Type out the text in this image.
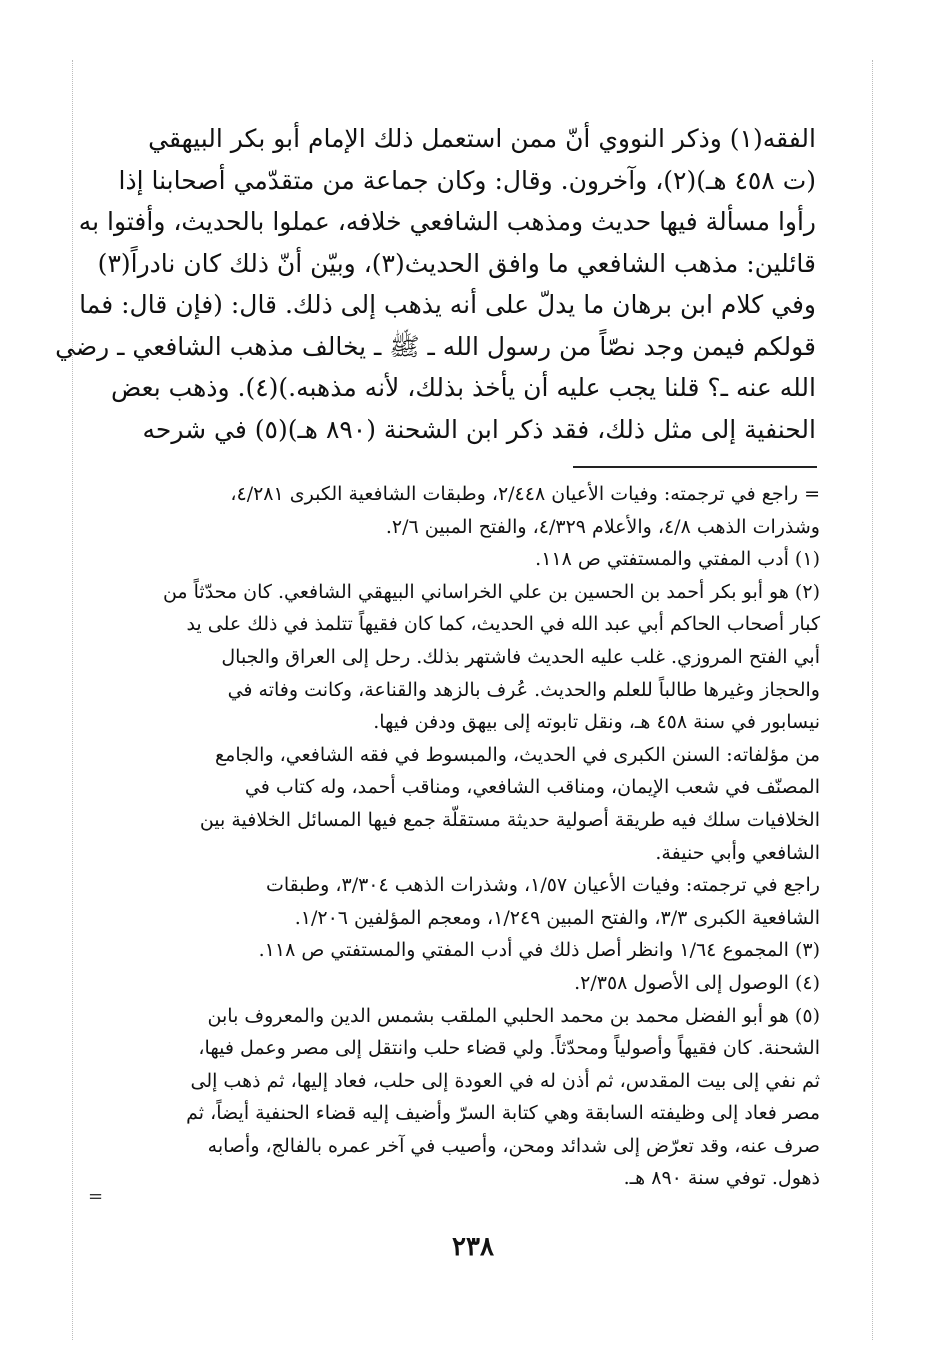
الفقه(١) وذكر النووي أنّ ممن استعمل ذلك الإمام أبو بكر البيهقي
(ت ٤٥٨ هـ)(٢)، وآخرون. وقال: وكان جماعة من متقدّمي أصحابنا إذا
رأوا مسألة فيها حديث ومذهب الشافعي خلافه، عملوا بالحديث، وأفتوا به
قائلين: مذهب الشافعي ما وافق الحديث(٣)، وبيّن أنّ ذلك كان نادراً(٣)
وفي كلام ابن برهان ما يدلّ على أنه يذهب إلى ذلك. قال: (فإن قال: فما
قولكم فيمن وجد نصّاً من رسول الله ـ ﷺ ـ يخالف مذهب الشافعي ـ رضي
الله عنه ـ؟ قلنا يجب عليه أن يأخذ بذلك، لأنه مذهبه.)(٤). وذهب بعض
الحنفية إلى مثل ذلك، فقد ذكر ابن الشحنة (٨٩٠ هـ)(٥) في شرحه
= راجع في ترجمته: وفيات الأعيان ٢/٤٤٨، وطبقات الشافعية الكبرى ٤/٢٨١،
وشذرات الذهب ٤/٨، والأعلام ٤/٣٢٩، والفتح المبين ٢/٦.
(١) أدب المفتي والمستفتي ص ١١٨.
(٢) هو أبو بكر أحمد بن الحسين بن علي الخراساني البيهقي الشافعي. كان محدّثاً من
كبار أصحاب الحاكم أبي عبد الله في الحديث، كما كان فقيهاً تتلمذ في ذلك على يد
أبي الفتح المروزي. غلب عليه الحديث فاشتهر بذلك. رحل إلى العراق والجبال
والحجاز وغيرها طالباً للعلم والحديث. عُرف بالزهد والقناعة، وكانت وفاته في
نيسابور في سنة ٤٥٨ هـ، ونقل تابوته إلى بيهق ودفن فيها.
من مؤلفاته: السنن الكبرى في الحديث، والمبسوط في فقه الشافعي، والجامع
المصنّف في شعب الإيمان، ومناقب الشافعي، ومناقب أحمد، وله كتاب في
الخلافيات سلك فيه طريقة أصولية حديثة مستقلّة جمع فيها المسائل الخلافية بين
الشافعي وأبي حنيفة.
راجع في ترجمته: وفيات الأعيان ١/٥٧، وشذرات الذهب ٣/٣٠٤، وطبقات
الشافعية الكبرى ٣/٣، والفتح المبين ١/٢٤٩، ومعجم المؤلفين ١/٢٠٦.
(٣) المجموع ١/٦٤ وانظر أصل ذلك في أدب المفتي والمستفتي ص ١١٨.
(٤) الوصول إلى الأصول ٢/٣٥٨.
(٥) هو أبو الفضل محمد بن محمد الحلبي الملقب بشمس الدين والمعروف بابن
الشحنة. كان فقيهاً وأصولياً ومحدّثاً. ولي قضاء حلب وانتقل إلى مصر وعمل فيها،
ثم نفي إلى بيت المقدس، ثم أذن له في العودة إلى حلب، فعاد إليها، ثم ذهب إلى
مصر فعاد إلى وظيفته السابقة وهي كتابة السرّ وأضيف إليه قضاء الحنفية أيضاً، ثم
صرف عنه، وقد تعرّض إلى شدائد ومحن، وأصيب في آخر عمره بالفالج، وأصابه
ذهول. توفي سنة ٨٩٠ هـ.
=
٢٣٨
